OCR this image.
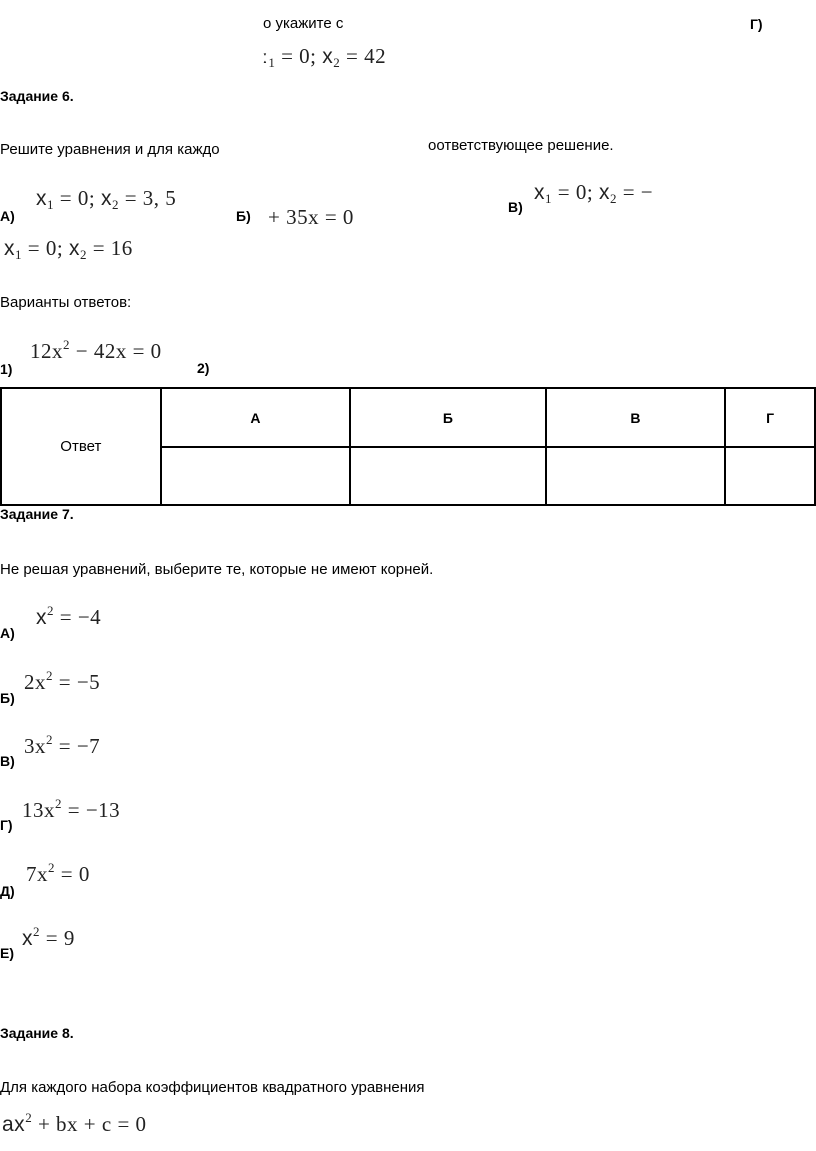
о укажите с	Г)
ː$_1$ = 0; $x_2 = 42$
Задание 6.
Решите уравнения и для каждо	оответствующее решение.
А)
$x_1 = 0$; $x_2 = 3$, 5
Б) + 35x = 0	В)
$x_1 = 0$; $x_2$ = −
$x_1 = 0$; $x_2 = 16$
Варианты ответов:
1)
$12x^2 - 42x = 0$
2)
Ответ	А	Б	В	Г

Задание 7.
Не решая уравнений, выберите те, которые не имеют корней.
А)
$x^2 = -4$
Б)
$2x^2 = -5$
В)
$3x^2 = -7$
Г)
$13x^2 = -13$
Д)
$7x^2 = 0$
Е)
$x^2 = 9$
Задание 8.
Для каждого набора коэффициентов квадратного уравнения
$ax^2$ + bx + c = 0
